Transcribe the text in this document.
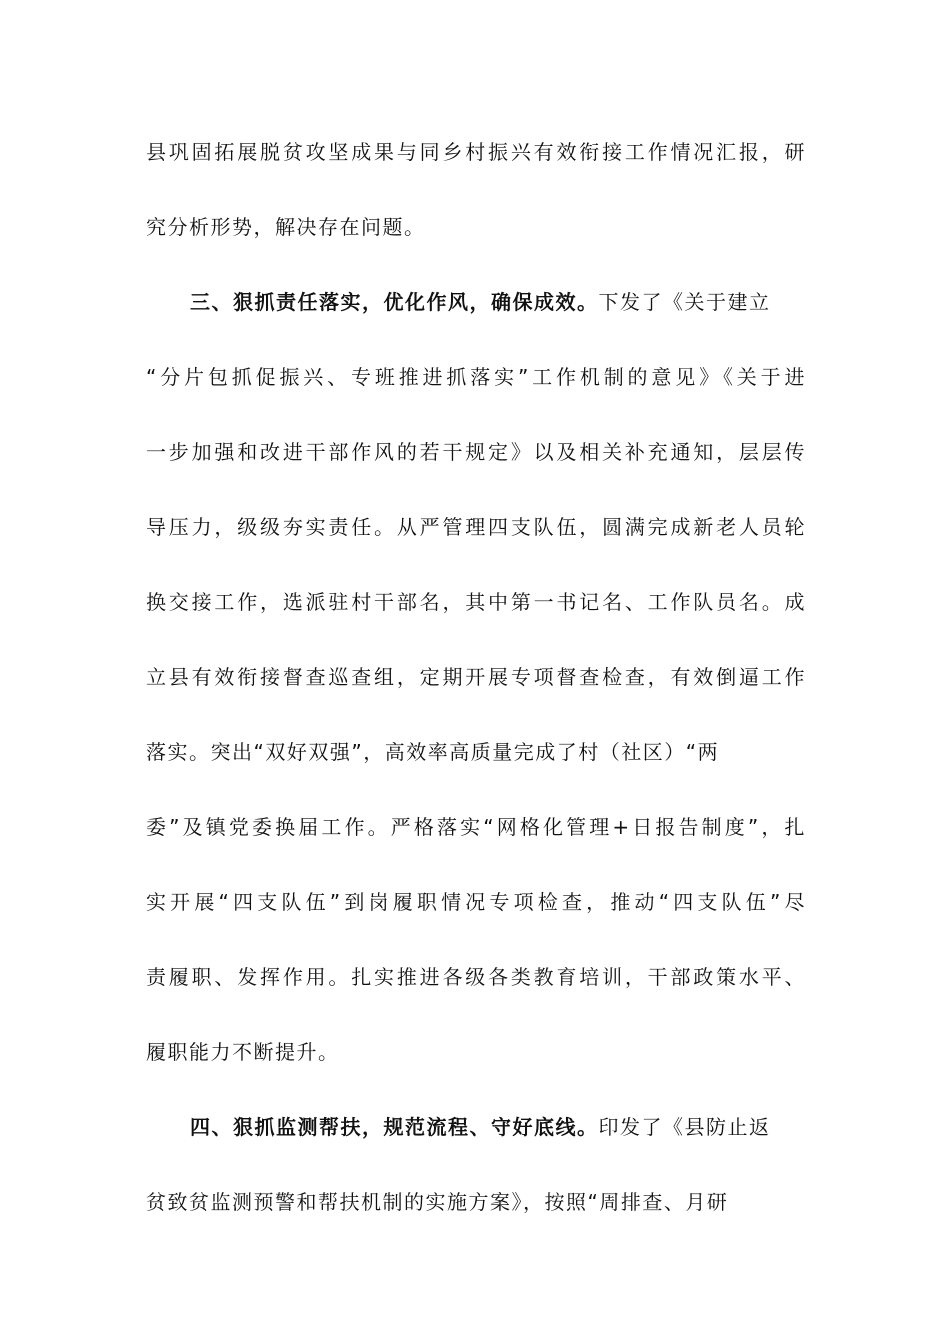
县巩固拓展脱贫攻坚成果与同乡村振兴有效衔接工作情况汇报，研
究分析形势，解决存在问题。
三、狠抓责任落实，优化作风，确保成效。下发了《关于建立
“分片包抓促振兴、专班推进抓落实”工作机制的意见》《关于进
一步加强和改进干部作风的若干规定》以及相关补充通知，层层传
导压力，级级夯实责任。从严管理四支队伍，圆满完成新老人员轮
换交接工作，选派驻村干部名，其中第一书记名、工作队员名。成
立县有效衔接督查巡查组，定期开展专项督查检查，有效倒逼工作
落实。突出“双好双强”，高效率高质量完成了村（社区）“两
委”及镇党委换届工作。严格落实“网格化管理+日报告制度”，扎
实开展“四支队伍”到岗履职情况专项检查，推动“四支队伍”尽
责履职、发挥作用。扎实推进各级各类教育培训，干部政策水平、
履职能力不断提升。
四、狠抓监测帮扶，规范流程、守好底线。印发了《县防止返
贫致贫监测预警和帮扶机制的实施方案》，按照“周排查、月研
